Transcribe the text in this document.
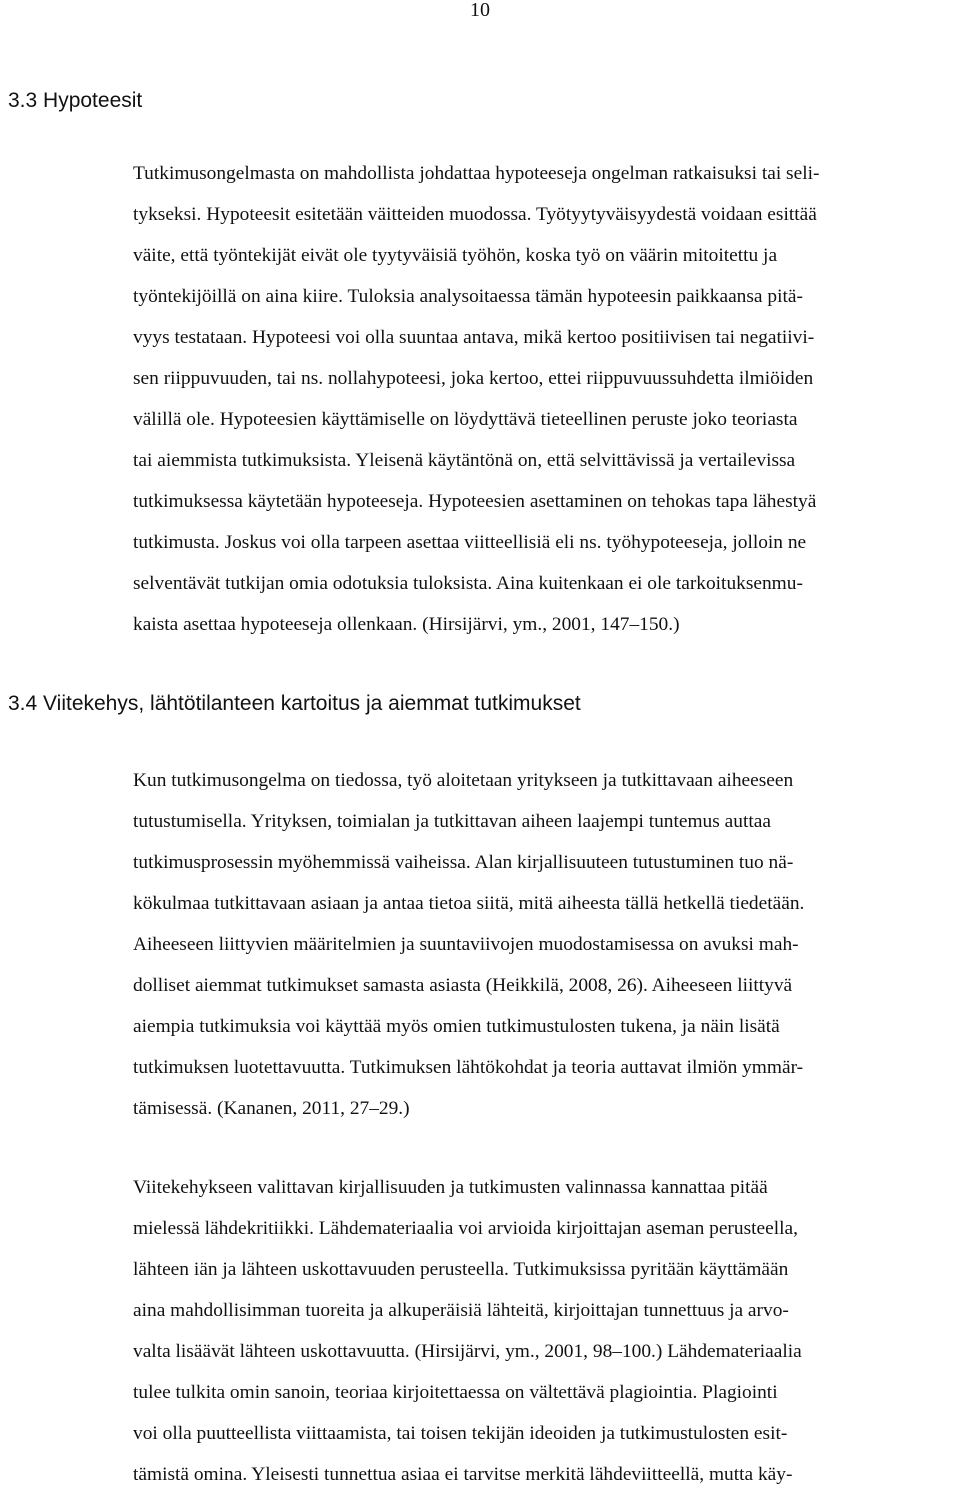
10
3.3 Hypoteesit
Tutkimusongelmasta on mahdollista johdattaa hypoteeseja ongelman ratkaisuksi tai seli-
tykseksi. Hypoteesit esitetään väitteiden muodossa. Työtyytyväisyydestä voidaan esittää
väite, että työntekijät eivät ole tyytyväisiä työhön, koska työ on väärin mitoitettu ja
työntekijöillä on aina kiire. Tuloksia analysoitaessa tämän hypoteesin paikkaansa pitä-
vyys testataan. Hypoteesi voi olla suuntaa antava, mikä kertoo positiivisen tai negatiivi-
sen riippuvuuden, tai ns. nollahypoteesi, joka kertoo, ettei riippuvuussuhdetta ilmiöiden
välillä ole. Hypoteesien käyttämiselle on löydyttävä tieteellinen peruste joko teoriasta
tai aiemmista tutkimuksista. Yleisenä käytäntönä on, että selvittävissä ja vertailevissa
tutkimuksessa käytetään hypoteeseja. Hypoteesien asettaminen on tehokas tapa lähestyä
tutkimusta. Joskus voi olla tarpeen asettaa viitteellisiä eli ns. työhypoteeseja, jolloin ne
selventävät tutkijan omia odotuksia tuloksista. Aina kuitenkaan ei ole tarkoituksenmu-
kaista asettaa hypoteeseja ollenkaan. (Hirsijärvi, ym., 2001, 147–150.)
3.4 Viitekehys, lähtötilanteen kartoitus ja aiemmat tutkimukset
Kun tutkimusongelma on tiedossa, työ aloitetaan yritykseen ja tutkittavaan aiheeseen
tutustumisella. Yrityksen, toimialan ja tutkittavan aiheen laajempi tuntemus auttaa
tutkimusprosessin myöhemmissä vaiheissa. Alan kirjallisuuteen tutustuminen tuo nä-
kökulmaa tutkittavaan asiaan ja antaa tietoa siitä, mitä aiheesta tällä hetkellä tiedetään.
Aiheeseen liittyvien määritelmien ja suuntaviivojen muodostamisessa on avuksi mah-
dolliset aiemmat tutkimukset samasta asiasta (Heikkilä, 2008, 26). Aiheeseen liittyvä
aiempia tutkimuksia voi käyttää myös omien tutkimustulosten tukena, ja näin lisätä
tutkimuksen luotettavuutta. Tutkimuksen lähtökohdat ja teoria auttavat ilmiön ymmär-
tämisessä. (Kananen, 2011, 27–29.)
Viitekehykseen valittavan kirjallisuuden ja tutkimusten valinnassa kannattaa pitää
mielessä lähdekritiikki. Lähdemateriaalia voi arvioida kirjoittajan aseman perusteella,
lähteen iän ja lähteen uskottavuuden perusteella. Tutkimuksissa pyritään käyttämään
aina mahdollisimman tuoreita ja alkuperäisiä lähteitä, kirjoittajan tunnettuus ja arvo-
valta lisäävät lähteen uskottavuutta. (Hirsijärvi, ym., 2001, 98–100.) Lähdemateriaalia
tulee tulkita omin sanoin, teoriaa kirjoitettaessa on vältettävä plagiointia. Plagiointi
voi olla puutteellista viittaamista, tai toisen tekijän ideoiden ja tutkimustulosten esit-
tämistä omina. Yleisesti tunnettua asiaa ei tarvitse merkitä lähdeviitteellä, mutta käy-
